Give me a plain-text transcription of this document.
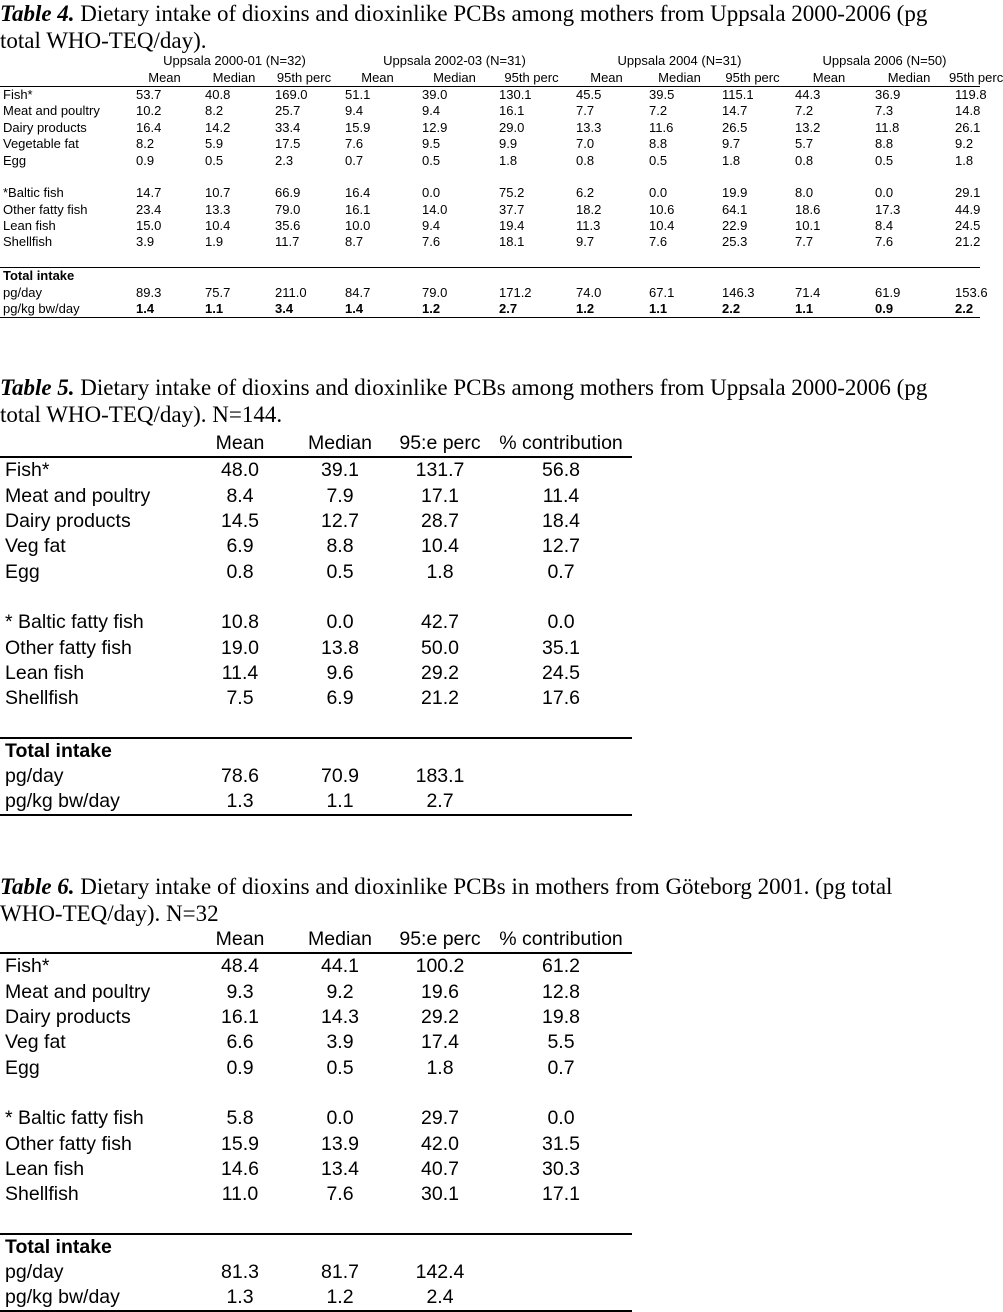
Table 4. Dietary intake of dioxins and dioxinlike PCBs among mothers from Uppsala 2000-2006 (pg total WHO-TEQ/day).

	Uppsala 2000-01 (N=32)			Uppsala 2002-03 (N=31)			Uppsala 2004 (N=31)			Uppsala 2006 (N=50)		
	Mean	Median	95th perc	Mean	Median	95th perc	Mean	Median	95th perc	Mean	Median	95th perc
Fish*	53.7	40.8	169.0	51.1	39.0	130.1	45.5	39.5	115.1	44.3	36.9	119.8
Meat and poultry	10.2	8.2	25.7	9.4	9.4	16.1	7.7	7.2	14.7	7.2	7.3	14.8
Dairy products	16.4	14.2	33.4	15.9	12.9	29.0	13.3	11.6	26.5	13.2	11.8	26.1
Vegetable fat	8.2	5.9	17.5	7.6	9.5	9.9	7.0	8.8	9.7	5.7	8.8	9.2
Egg	0.9	0.5	2.3	0.7	0.5	1.8	0.8	0.5	1.8	0.8	0.5	1.8

*Baltic fish	14.7	10.7	66.9	16.4	0.0	75.2	6.2	0.0	19.9	8.0	0.0	29.1
Other fatty fish	23.4	13.3	79.0	16.1	14.0	37.7	18.2	10.6	64.1	18.6	17.3	44.9
Lean fish	15.0	10.4	35.6	10.0	9.4	19.4	11.3	10.4	22.9	10.1	8.4	24.5
Shellfish	3.9	1.9	11.7	8.7	7.6	18.1	9.7	7.6	25.3	7.7	7.6	21.2

Total intake												
pg/day	89.3	75.7	211.0	84.7	79.0	171.2	74.0	67.1	146.3	71.4	61.9	153.6
pg/kg bw/day	1.4	1.1	3.4	1.4	1.2	2.7	1.2	1.1	2.2	1.1	0.9	2.2

Table 5. Dietary intake of dioxins and dioxinlike PCBs among mothers from Uppsala 2000-2006 (pg total WHO-TEQ/day). N=144.

	Mean	Median	95:e perc	% contribution
Fish*	48.0	39.1	131.7	56.8
Meat and poultry	8.4	7.9	17.1	11.4
Dairy products	14.5	12.7	28.7	18.4
Veg fat	6.9	8.8	10.4	12.7
Egg	0.8	0.5	1.8	0.7

* Baltic fatty fish	10.8	0.0	42.7	0.0
Other fatty fish	19.0	13.8	50.0	35.1
Lean fish	11.4	9.6	29.2	24.5
Shellfish	7.5	6.9	21.2	17.6

Total intake				
pg/day	78.6	70.9	183.1	
pg/kg bw/day	1.3	1.1	2.7	

Table 6. Dietary intake of dioxins and dioxinlike PCBs in mothers from Göteborg 2001. (pg total WHO-TEQ/day). N=32

	Mean	Median	95:e perc	% contribution
Fish*	48.4	44.1	100.2	61.2
Meat and poultry	9.3	9.2	19.6	12.8
Dairy products	16.1	14.3	29.2	19.8
Veg fat	6.6	3.9	17.4	5.5
Egg	0.9	0.5	1.8	0.7

* Baltic fatty fish	5.8	0.0	29.7	0.0
Other fatty fish	15.9	13.9	42.0	31.5
Lean fish	14.6	13.4	40.7	30.3
Shellfish	11.0	7.6	30.1	17.1

Total intake				
pg/day	81.3	81.7	142.4	
pg/kg bw/day	1.3	1.2	2.4	
